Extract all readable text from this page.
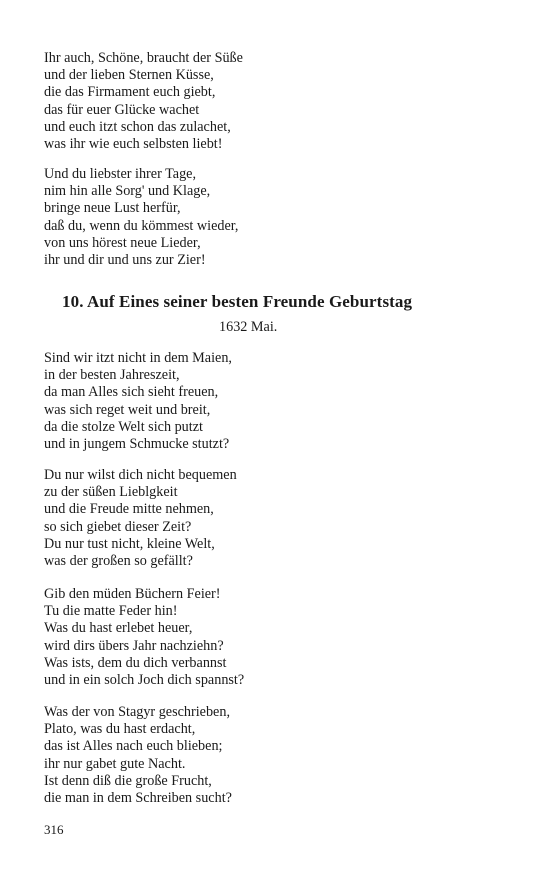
Ihr auch, Schöne, braucht der Süße
und der lieben Sternen Küsse,
die das Firmament euch giebt,
das für euer Glücke wachet
und euch itzt schon das zulachet,
was ihr wie euch selbsten liebt!
Und du liebster ihrer Tage,
nim hin alle Sorg' und Klage,
bringe neue Lust herfür,
daß du, wenn du kömmest wieder,
von uns hörest neue Lieder,
ihr und dir und uns zur Zier!
10. Auf Eines seiner besten Freunde Geburtstag
1632 Mai.
Sind wir itzt nicht in dem Maien,
in der besten Jahreszeit,
da man Alles sich sieht freuen,
was sich reget weit und breit,
da die stolze Welt sich putzt
und in jungem Schmucke stutzt?
Du nur wilst dich nicht bequemen
zu der süßen Lieblgkeit
und die Freude mitte nehmen,
so sich giebet dieser Zeit?
Du nur tust nicht, kleine Welt,
was der großen so gefällt?
Gib den müden Büchern Feier!
Tu die matte Feder hin!
Was du hast erlebet heuer,
wird dirs übers Jahr nachziehn?
Was ists, dem du dich verbannst
und in ein solch Joch dich spannst?
Was der von Stagyr geschrieben,
Plato, was du hast erdacht,
das ist Alles nach euch blieben;
ihr nur gabet gute Nacht.
Ist denn diß die große Frucht,
die man in dem Schreiben sucht?
316
